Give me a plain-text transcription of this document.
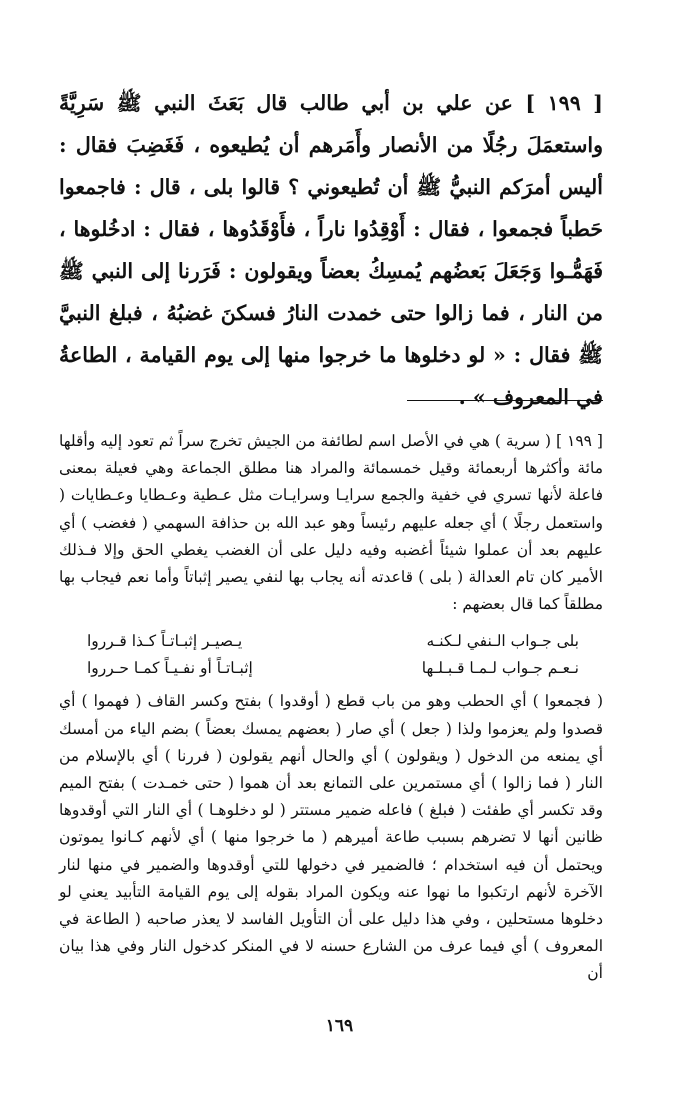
[ ١٩٩ ] عن علي بن أبي طالب قال بَعَثَ النبي ﷺ سَرِيَّةً واستعمَلَ رجُلًا من الأنصار وأَمَرهم أن يُطيعوه ، فَغَضِبَ فقال : أليس أمرَكم النبيُّ ﷺ أن تُطيعوني ؟ قالوا بلى ، قال : فاجمعوا حَطباً فجمعوا ، فقال : أَوْقِدُوا ناراً ، فأَوْقَدُوها ، فقال : ادخُلوها ، فَهَمُّـوا وَجَعَلَ بَعضُهم يُمسِكُ بعضاً ويقولون : فَرَرنا إلى النبي ﷺ من النار ، فما زالوا حتى خمدت النارُ فسكنَ غضبُهُ ، فبلغ النبيَّ ﷺ فقال : « لو دخلوها ما خرجوا منها إلى يوم القيامة ، الطاعةُ في المعروف » .

[ ١٩٩ ] ( سرية ) هي في الأصل اسم لطائفة من الجيش تخرج سراً ثم تعود إليه وأقلها مائة وأكثرها أربعمائة وقيل خمسمائة والمراد هنا مطلق الجماعة وهي فعيلة بمعنى فاعلة لأنها تسري في خفية والجمع سرايـا وسرايـات مثل عـطية وعـطايا وعـطايات ( واستعمل رجلًا ) أي جعله عليهم رئيساً وهو عبد الله بن حذافة السهمي ( فغضب ) أي عليهم بعد أن عملوا شيئاً أغضبه وفيه دليل على أن الغضب يغطي الحق وإلا فـذلك الأمير كان تام العدالة ( بلى ) قاعدته أنه يجاب بها لنفي يصير إثباتاً وأما نعم فيجاب بها مطلقاً كما قال بعضهم :

بلى جـواب الـنفي لـكنـه
يـصيـر إثبـاتـاً كـذا قـرروا
نـعـم جـواب لـمـا قـبـلـها
إثبـاتـاً أو نفـيـاً كمـا حـرروا

( فجمعوا ) أي الحطب وهو من باب قطع ( أوقدوا ) بفتح وكسر القاف ( فهموا ) أي قصدوا ولم يعزموا ولذا ( جعل ) أي صار ( بعضهم يمسك بعضاً ) بضم الياء من أمسك أي يمنعه من الدخول ( ويقولون ) أي والحال أنهم يقولون ( فررنا ) أي بالإسلام من النار ( فما زالوا ) أي مستمرين على التمانع بعد أن هموا ( حتى خمـدت ) بفتح الميم وقد تكسر أي طفئت ( فبلغ ) فاعله ضمير مستتر ( لو دخلوهـا ) أي النار التي أوقدوها ظانين أنها لا تضرهم بسبب طاعة أميرهم ( ما خرجوا منها ) أي لأنهم كـانوا يموتون ويحتمل أن فيه استخدام ؛ فالضمير في دخولها للتي أوقدوها والضمير في منها لنار الآخرة لأنهم ارتكبوا ما نهوا عنه ويكون المراد بقوله إلى يوم القيامة التأبيد يعني لو دخلوها مستحلين ، وفي هذا دليل على أن التأويل الفاسد لا يعذر صاحبه ( الطاعة في المعروف ) أي فيما عرف من الشارع حسنه لا في المنكر كدخول النار وفي هذا بيان أن

١٦٩
